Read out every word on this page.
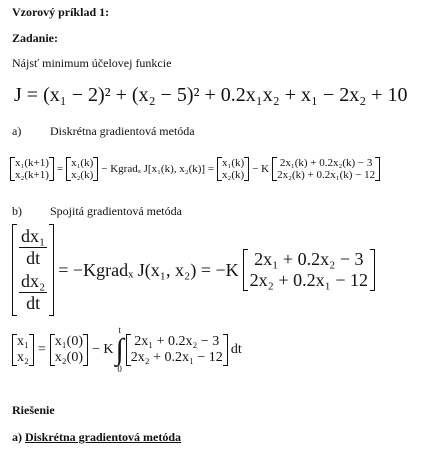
Vzorový príklad 1:
Zadanie:
Nájsť minimum účelovej funkcie
J = (x₁ − 2)² + (x₂ − 5)² + 0.2x₁x₂ + x₁ − 2x₂ + 10
a) Diskrétna gradientová metóda
x₁(k+1)
x₂(k+1) = x₁(k)
x₂(k) − Kgradₓ J[x₁(k), x₂(k)] = x₁(k)
x₂(k) − K 2x₁(k) + 0.2x₂(k) − 3
2x₂(k) + 0.2x₁(k) − 12
b) Spojitá gradientová metóda
$\frac{\text{dx₁}}{dt}$
$\frac{\text{dx₂}}{dt}$
= −Kgradₓ J(x₁, x₂) = −K
2x₁ + 0.2x₂ − 3
2x₂ + 0.2x₁ − 12
x₁
x₂
=
x₁(0)
x₂(0)
− K
t
∫
0
2x₁ + 0.2x₂ − 3
2x₂ + 0.2x₁ − 12
dt
Riešenie
a) Diskrétna gradientová metóda
